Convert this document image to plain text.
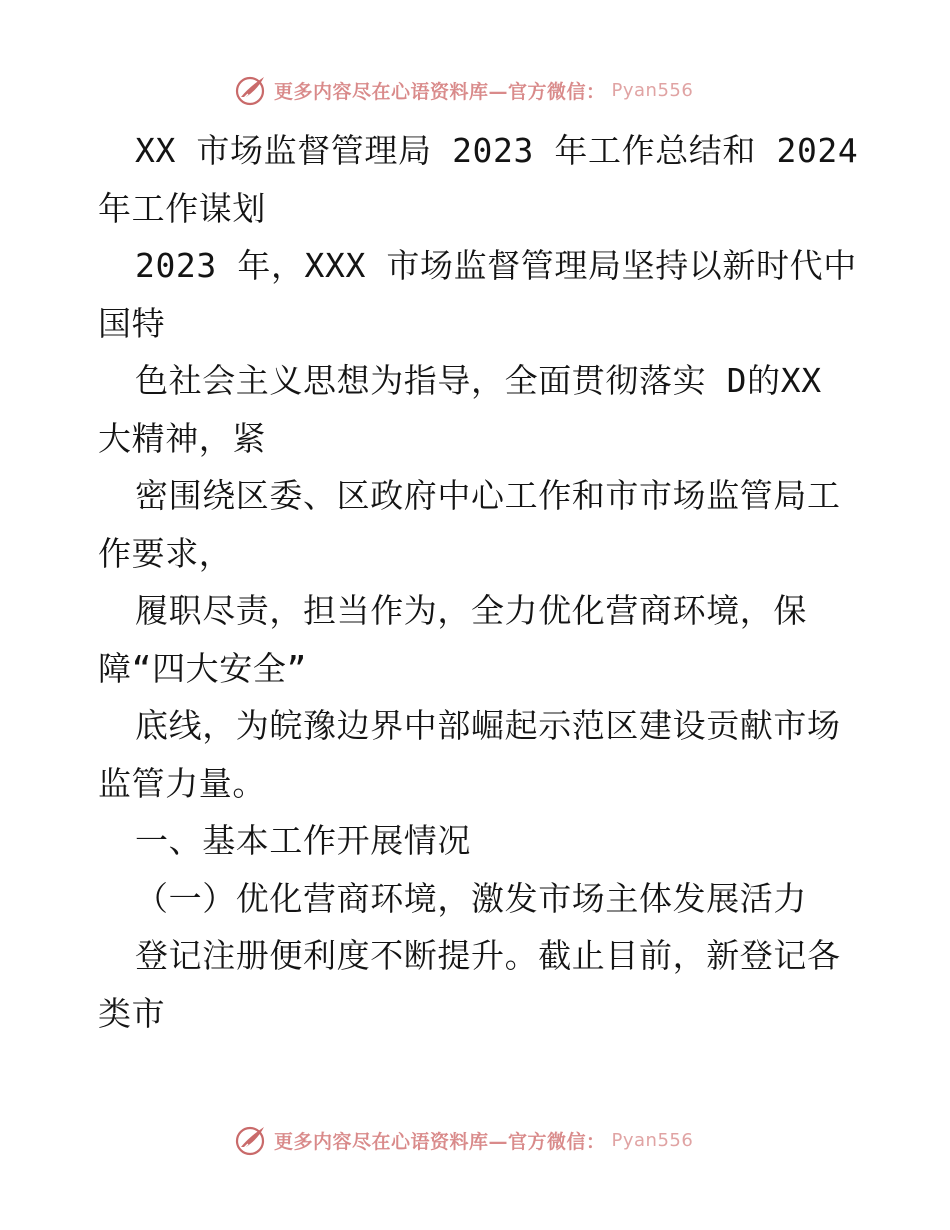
更多内容尽在心语资料库—官方微信： Pyan556
XX 市场监督管理局 2023 年工作总结和 2024
年工作谋划
2023 年，XXX 市场监督管理局坚持以新时代中
国特
色社会主义思想为指导，全面贯彻落实 D的XX
大精神，紧
密围绕区委、区政府中心工作和市市场监管局工
作要求，
履职尽责，担当作为，全力优化营商环境，保
障“四大安全”
底线，为皖豫边界中部崛起示范区建设贡献市场
监管力量。
一、基本工作开展情况
（一）优化营商环境，激发市场主体发展活力
登记注册便利度不断提升。截止目前，新登记各
类市
更多内容尽在心语资料库—官方微信： Pyan556
